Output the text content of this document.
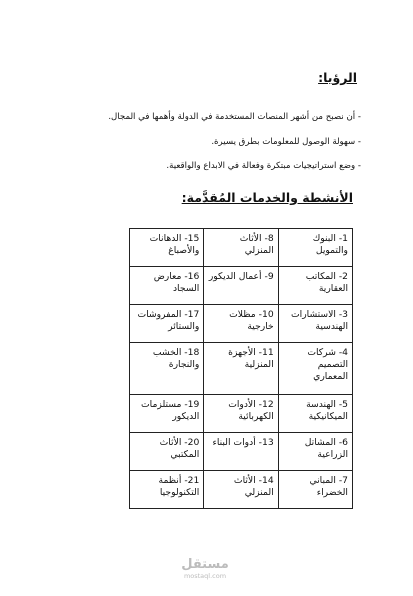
الرؤيا:
- أن نصبح من أشهر المنصات المستخدمة في الدولة وأهمها في المجال.
- سهولة الوصول للمعلومات بطرق يسيرة.
- وضع استراتيجيات مبتكرة وفعالة في الابداع والواقعية.
الأنشطة والخدمات المُقدَّمة:
1- البنوك والتمويل	8- الأثاث المنزلي	15- الدهانات والأصباغ
2- المكاتب العقارية	9- أعمال الديكور	16- معارض السجاد
3- الاستشارات الهندسية	10- مظلات خارجية	17- المفروشات والستائر
4- شركات التصميم المعماري	11- الأجهزة المنزلية	18- الخشب والنجارة
5- الهندسة الميكانيكية	12- الأدوات الكهربائية	19- مستلزمات الديكور
6- المشاتل الزراعية	13- أدوات البناء	20- الأثاث المكتبي
7- المباني الخضراء	14- الأثاث المنزلي	21- أنظمة التكنولوجيا
مستقل
mostaql.com
